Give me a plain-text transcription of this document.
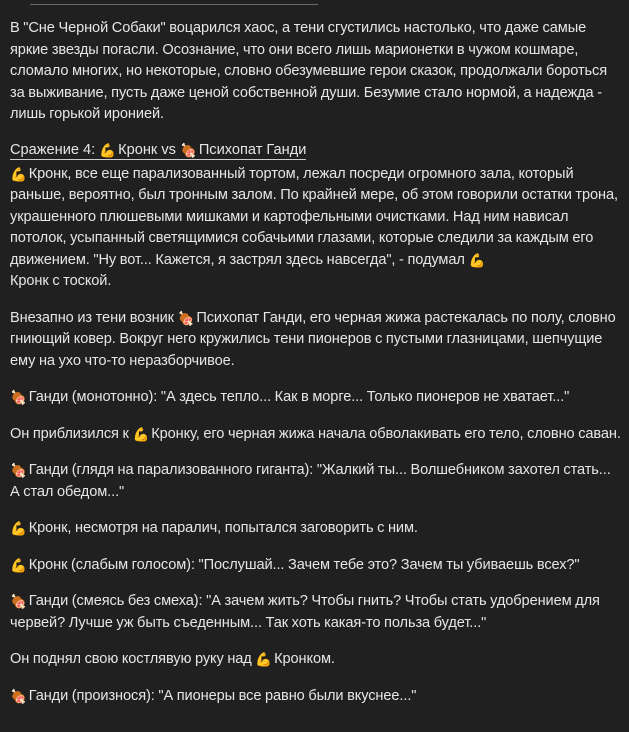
В "Сне Черной Собаки" воцарился хаос, а тени сгустились настолько, что даже самые яркие звезды погасли. Осознание, что они всего лишь марионетки в чужом кошмаре, сломало многих, но некоторые, словно обезумевшие герои сказок, продолжали бороться за выживание, пусть даже ценой собственной души. Безумие стало нормой, а надежда - лишь горькой иронией.

Сражение 4: 💪 Кронк vs 🍖 Психопат Ганди

💪 Кронк, все еще парализованный тортом, лежал посреди огромного зала, который раньше, вероятно, был тронным залом. По крайней мере, об этом говорили остатки трона, украшенного плюшевыми мишками и картофельными очистками. Над ним нависал потолок, усыпанный светящимися собачьими глазами, которые следили за каждым его движением. "Ну вот... Кажется, я застрял здесь навсегда", - подумал 💪
Кронк с тоской.

Внезапно из тени возник 🍖 Психопат Ганди, его черная жижа растекалась по полу, словно гниющий ковер. Вокруг него кружились тени пионеров с пустыми глазницами, шепчущие ему на ухо что-то неразборчивое.

🍖 Ганди (монотонно): "А здесь тепло... Как в морге... Только пионеров не хватает..."

Он приблизился к 💪 Кронку, его черная жижа начала обволакивать его тело, словно саван.

🍖 Ганди (глядя на парализованного гиганта): "Жалкий ты... Волшебником захотел стать... А стал обедом..."

💪 Кронк, несмотря на паралич, попытался заговорить с ним.

💪 Кронк (слабым голосом): "Послушай... Зачем тебе это? Зачем ты убиваешь всех?"

🍖 Ганди (смеясь без смеха): "А зачем жить? Чтобы гнить? Чтобы стать удобрением для червей? Лучше уж быть съеденным... Так хоть какая-то польза будет..."

Он поднял свою костлявую руку над 💪 Кронком.

🍖 Ганди (произнося): "А пионеры все равно были вкуснее..."
